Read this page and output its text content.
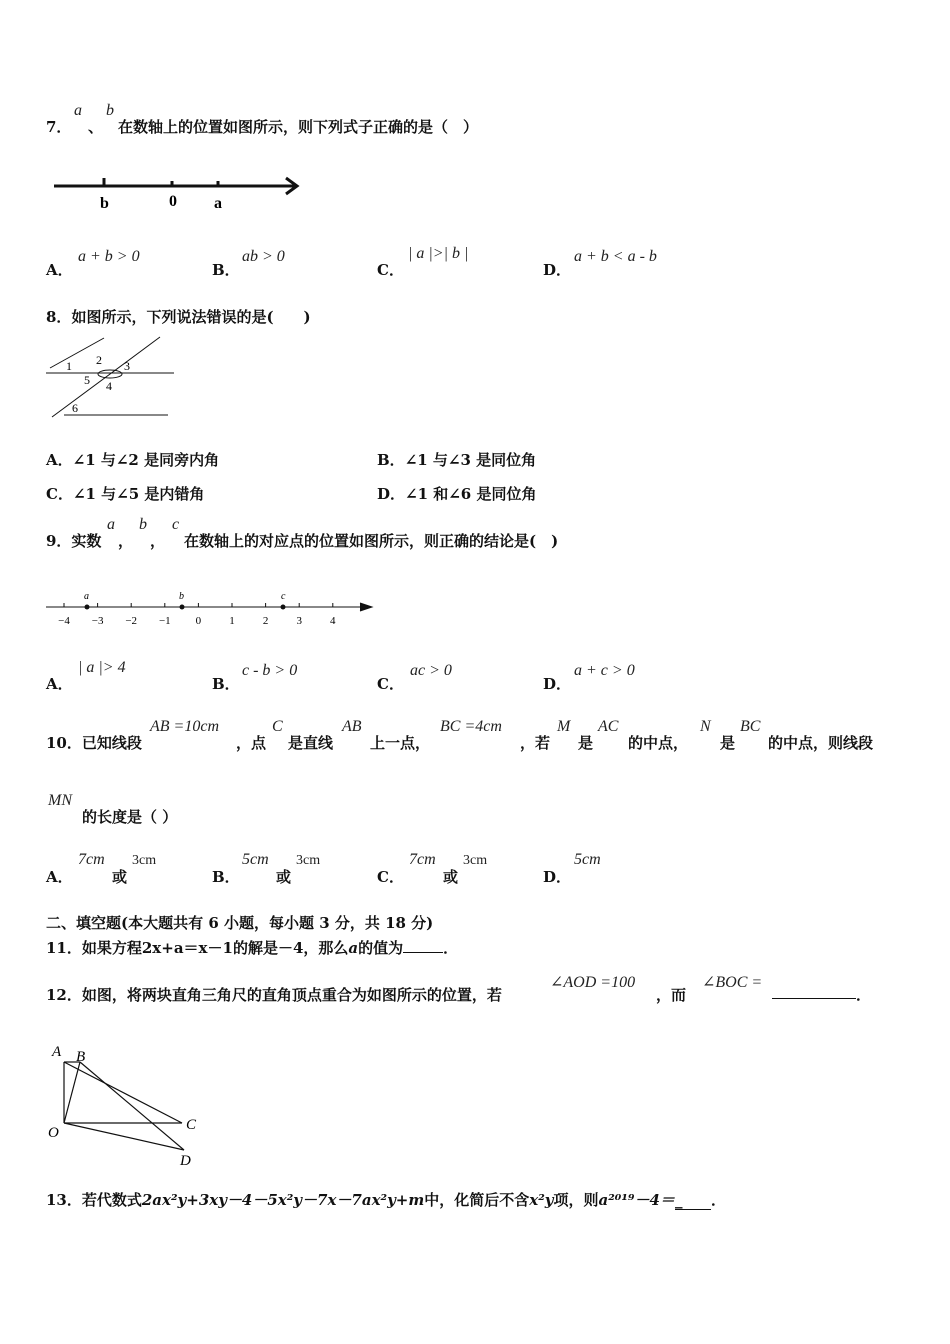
7．
a
、
b
在数轴上的位置如图所示，则下列式子正确的是（　）
b	0 a
A．
a + b > 0
B．
ab > 0
C．
| a |>| b |
D．
a + b < a - b
8．如图所示，下列说法错误的是(　　)
1 2 3
5 4
6
A．∠1 与∠2 是同旁内角	B．∠1 与∠3 是同位角
C．∠1 与∠5 是内错角	D．∠1 和∠6 是同位角
9．实数
a
，
b
，
c
在数轴上的对应点的位置如图所示，则正确的结论是(　)
−4 −3 −2 −1 0	1	2	3	4
a	b	c
A．
| a |> 4
B．
c - b > 0
C．
ac > 0
D．
a + c > 0
10．已知线段
AB =10cm
，点
C
是直线
AB
上一点，
BC =4cm
，若
M
是
AC
的中点，
N
是
BC
的中点，则线段
MN
的长度是（ ）
A．
7cm
或
3cm
B．
5cm
或
3cm
C．
7cm
或
3cm
D．
5cm
二、填空题(本大题共有 6 小题，每小题 3 分，共 18 分)
11．如果方程2x+a＝x－1的解是－4，那么a的值为	．
12．如图，将两块直角三角尺的直角顶点重合为如图所示的位置，若
∠AOD =100
，而
∠BOC =
．
A B
C
O
D
13．若代数式2ax²y+3xy－4－5x²y－7x－7ax²y+m中，化简后不含x²y项，则a²⁰¹⁹－4＝_ ．
